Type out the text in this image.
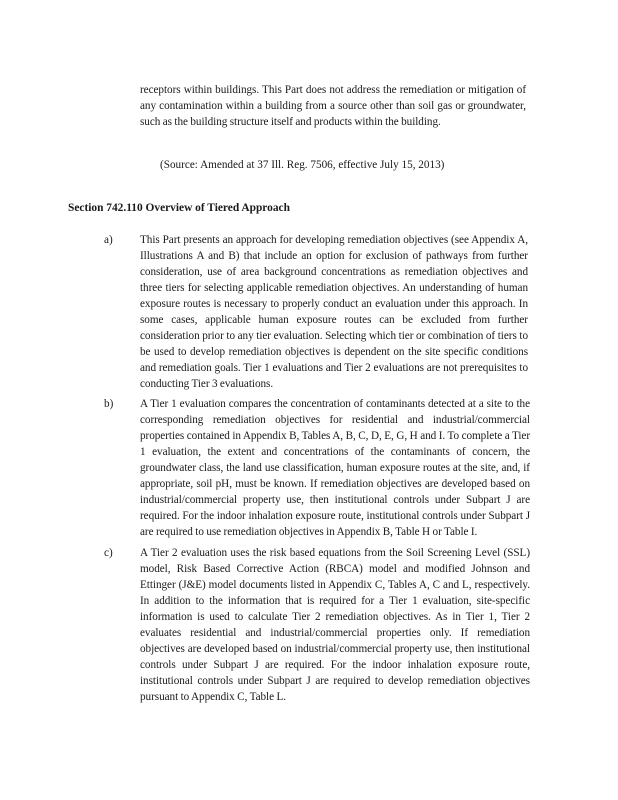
receptors within buildings. This Part does not address the remediation or mitigation of any contamination within a building from a source other than soil gas or groundwater, such as the building structure itself and products within the building.

(Source: Amended at 37 Ill. Reg. 7506, effective July 15, 2013)

Section 742.110 Overview of Tiered Approach

a) This Part presents an approach for developing remediation objectives (see Appendix A, Illustrations A and B) that include an option for exclusion of pathways from further consideration, use of area background concentrations as remediation objectives and three tiers for selecting applicable remediation objectives. An understanding of human exposure routes is necessary to properly conduct an evaluation under this approach. In some cases, applicable human exposure routes can be excluded from further consideration prior to any tier evaluation. Selecting which tier or combination of tiers to be used to develop remediation objectives is dependent on the site specific conditions and remediation goals. Tier 1 evaluations and Tier 2 evaluations are not prerequisites to conducting Tier 3 evaluations.

b) A Tier 1 evaluation compares the concentration of contaminants detected at a site to the corresponding remediation objectives for residential and industrial/commercial properties contained in Appendix B, Tables A, B, C, D, E, G, H and I. To complete a Tier 1 evaluation, the extent and concentrations of the contaminants of concern, the groundwater class, the land use classification, human exposure routes at the site, and, if appropriate, soil pH, must be known. If remediation objectives are developed based on industrial/commercial property use, then institutional controls under Subpart J are required. For the indoor inhalation exposure route, institutional controls under Subpart J are required to use remediation objectives in Appendix B, Table H or Table I.

c) A Tier 2 evaluation uses the risk based equations from the Soil Screening Level (SSL) model, Risk Based Corrective Action (RBCA) model and modified Johnson and Ettinger (J&E) model documents listed in Appendix C, Tables A, C and L, respectively. In addition to the information that is required for a Tier 1 evaluation, site-specific information is used to calculate Tier 2 remediation objectives. As in Tier 1, Tier 2 evaluates residential and industrial/commercial properties only. If remediation objectives are developed based on industrial/commercial property use, then institutional controls under Subpart J are required. For the indoor inhalation exposure route, institutional controls under Subpart J are required to develop remediation objectives pursuant to Appendix C, Table L.
